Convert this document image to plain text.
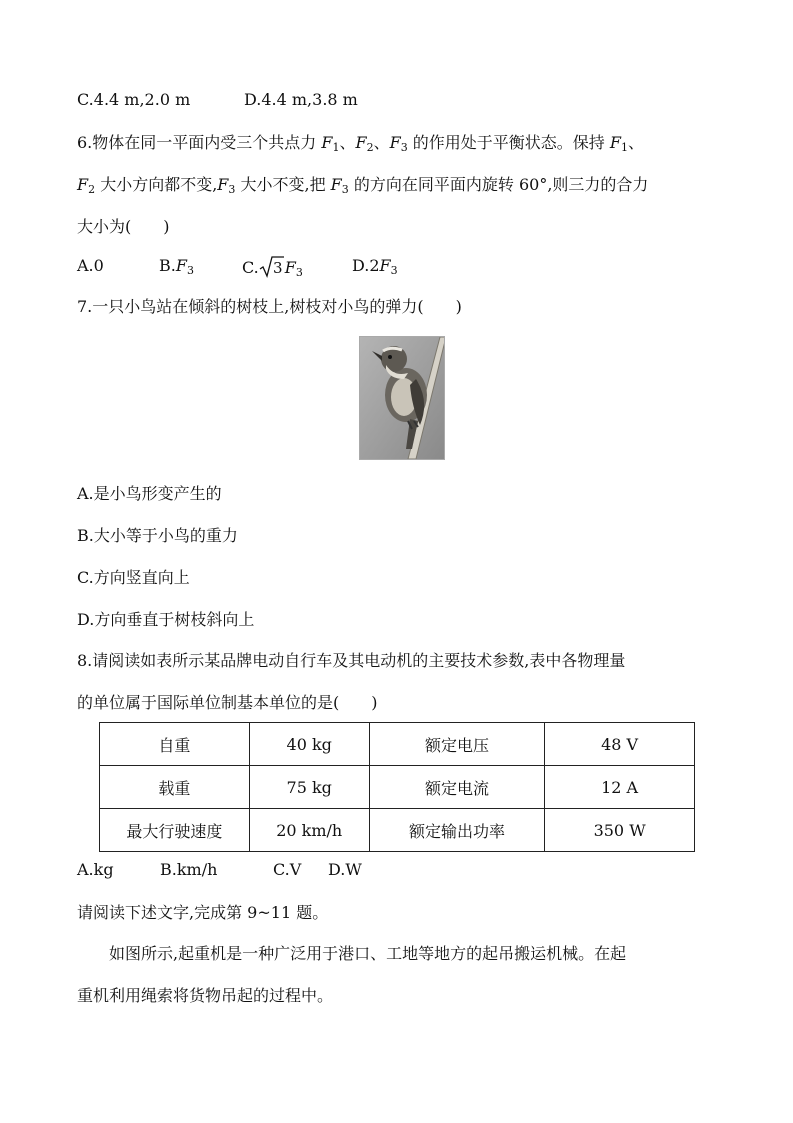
C.4.4 m,2.0 m	D.4.4 m,3.8 m
6.物体在同一平面内受三个共点力 $F_1$、$F_2$、$F_3$ 的作用处于平衡状态。保持 $F_1$、
$F_2$ 大小方向都不变$,F_3$ 大小不变,把 $F_3$ 的方向在同平面内旋转 60°,则三力的合力
大小为(　　)
A.0	$B.F_3$	C. 3 $F_3$	$D.2F_3$
7.一只小鸟站在倾斜的树枝上,树枝对小鸟的弹力(　　)
A.是小鸟形变产生的
B.大小等于小鸟的重力
C.方向竖直向上
D.方向垂直于树枝斜向上
8.请阅读如表所示某品牌电动自行车及其电动机的主要技术参数,表中各物理量
的单位属于国际单位制基本单位的是(　　)
自重	40 kg	额定电压	48 V
载重	75 kg	额定电流	12 A
最大行驶速度	20 km/h	额定输出功率	350 W
A.kg	B.km/h	C.V D.W
请阅读下述文字,完成第 9~11 题。
　　如图所示,起重机是一种广泛用于港口、工地等地方的起吊搬运机械。在起
重机利用绳索将货物吊起的过程中。
